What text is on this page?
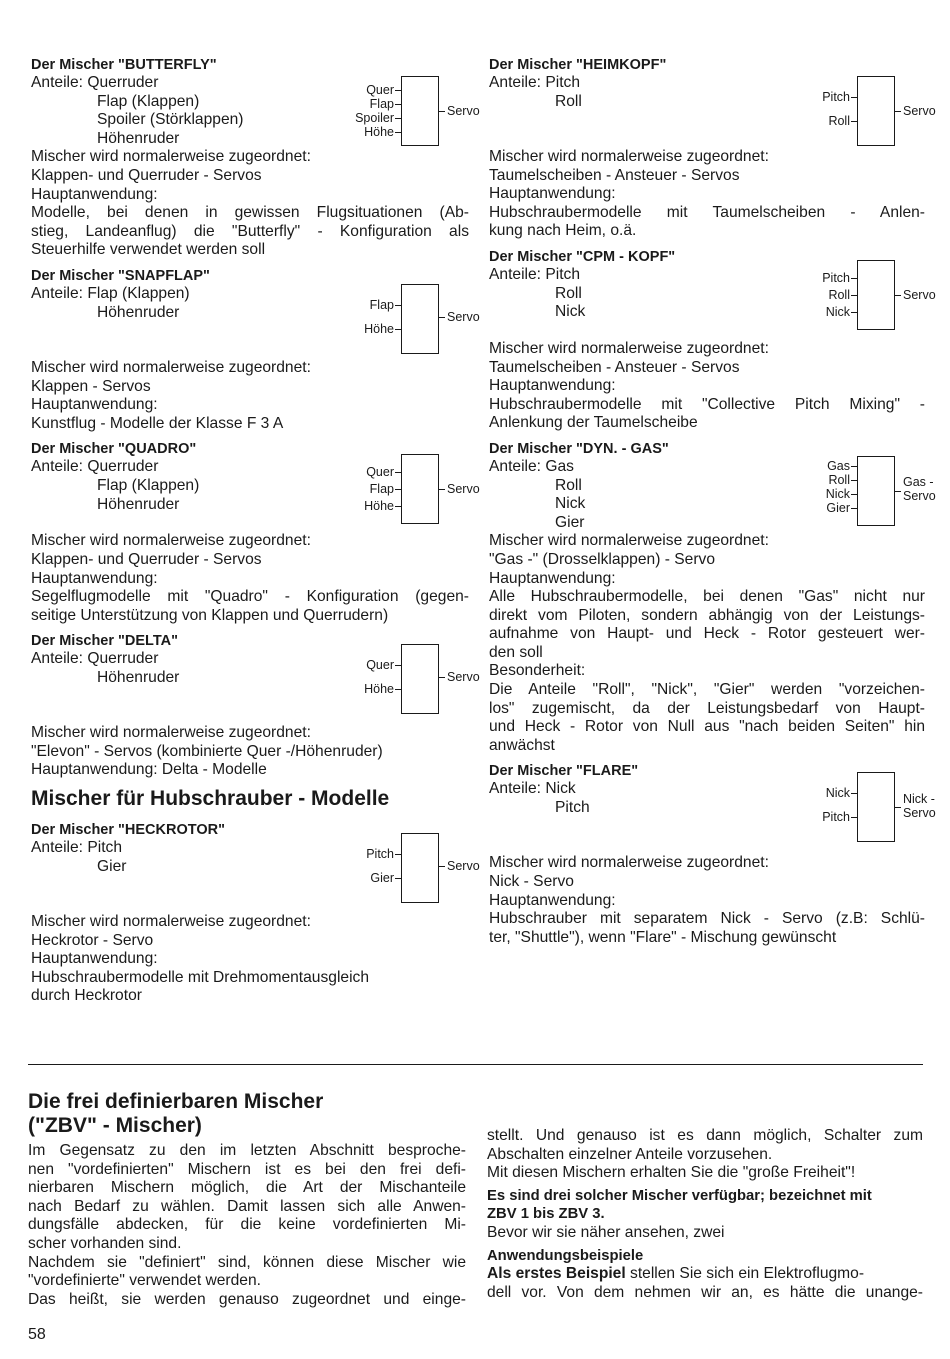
Der Mischer "BUTTERFLY"

Anteile: Querruder
Flap (Klappen)
Spoiler (Störklappen)
Höhenruder
Quer
Flap
Spoiler
Höhe
Servo
Mischer wird normalerweise zugeordnet:
Klappen- und Querruder - Servos
Hauptanwendung:
Modelle, bei denen in gewissen Flugsituationen (Ab-
stieg, Landeanflug) die "Butterfly" - Konfiguration als
Steuerhilfe verwendet werden soll

Der Mischer "SNAPFLAP"

Anteile: Flap (Klappen)
Höhenruder	Flap
Höhe
Servo
Mischer wird normalerweise zugeordnet:
Klappen - Servos
Hauptanwendung:
Kunstflug - Modelle der Klasse F 3 A

Der Mischer "QUADRO"

Anteile: Querruder
Flap (Klappen)
Höhenruder
Quer
Flap
Höhe
Servo
Mischer wird normalerweise zugeordnet:
Klappen- und Querruder - Servos
Hauptanwendung:
Segelflugmodelle mit "Quadro" - Konfiguration (gegen-
seitige Unterstützung von Klappen und Querrudern)

Der Mischer "DELTA"

Anteile: Querruder
Höhenruder
Quer
Höhe
Servo
Mischer wird normalerweise zugeordnet:
"Elevon" - Servos (kombinierte Quer -/Höhenruder)
Hauptanwendung: Delta - Modelle
Mischer für Hubschrauber - Modelle

Der Mischer "HECKROTOR"

Anteile: Pitch
Gier
Pitch
Gier
Servo
Mischer wird normalerweise zugeordnet:
Heckrotor - Servo
Hauptanwendung:
Hubschraubermodelle mit Drehmomentausgleich
durch Heckrotor

Der Mischer "HEIMKOPF"

Anteile: Pitch
Roll	Pitch
Roll
Servo
Mischer wird normalerweise zugeordnet:
Taumelscheiben - Ansteuer - Servos
Hauptanwendung:
Hubschraubermodelle mit Taumelscheiben - Anlen-
kung nach Heim, o.ä.

Der Mischer "CPM - KOPF"

Anteile: Pitch
Roll
Nick
Pitch
Roll
Nick
Servo
Mischer wird normalerweise zugeordnet:
Taumelscheiben - Ansteuer - Servos
Hauptanwendung:
Hubschraubermodelle mit "Collective Pitch Mixing" -
Anlenkung der Taumelscheibe

Der Mischer "DYN. - GAS"

Anteile: Gas
Roll
Nick
Gier
Gas
Roll
Nick
Gier
Gas -
Servo
Mischer wird normalerweise zugeordnet:
"Gas -" (Drosselklappen) - Servo
Hauptanwendung:
Alle Hubschraubermodelle, bei denen "Gas" nicht nur
direkt vom Piloten, sondern abhängig von der Leistungs-
aufnahme von Haupt- und Heck - Rotor gesteuert wer-
den soll
Besonderheit:
Die Anteile "Roll", "Nick", "Gier" werden "vorzeichen-
los" zugemischt, da der Leistungsbedarf von Haupt-
und Heck - Rotor von Null aus "nach beiden Seiten" hin
anwächst

Der Mischer "FLARE"

Anteile: Nick
Pitch
Nick
Pitch
Nick -
Servo
Mischer wird normalerweise zugeordnet:
Nick - Servo
Hauptanwendung:
Hubschrauber mit separatem Nick - Servo (z.B: Schlü-
ter, "Shuttle"), wenn "Flare" - Mischung gewünscht
Die frei definierbaren Mischer
("ZBV" - Mischer)
Im Gegensatz zu den im letzten Abschnitt besproche-
nen "vordefinierten" Mischern ist es bei den frei defi-
nierbaren Mischern möglich, die Art der Mischanteile
nach Bedarf zu wählen. Damit lassen sich alle Anwen-
dungsfälle abdecken, für die keine vordefinierten Mi-
scher vorhanden sind.
Nachdem sie "definiert" sind, können diese Mischer wie
"vordefinierte" verwendet werden.
Das heißt, sie werden genauso zugeordnet und einge-
stellt. Und genauso ist es dann möglich, Schalter zum
Abschalten einzelner Anteile vorzusehen.
Mit diesen Mischern erhalten Sie die "große Freiheit"!
Es sind drei solcher Mischer verfügbar; bezeichnet mit
ZBV 1 bis ZBV 3.
Bevor wir sie näher ansehen, zwei
Anwendungsbeispiele
Als erstes Beispiel stellen Sie sich ein Elektroflugmo-
dell vor. Von dem nehmen wir an, es hätte die unange-
58
